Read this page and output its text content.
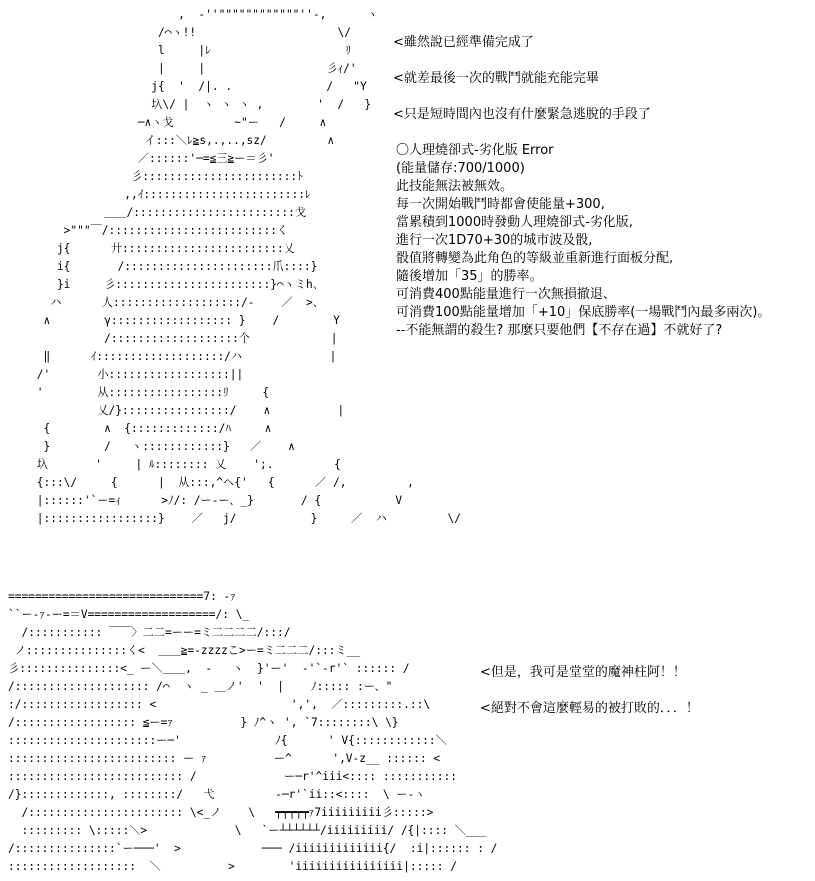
,  -''""""""""""""''-,      ヽ
/⌒ヽ!!                     \/
l     |ﾚ                    ﾘ
|     |                  彡ｨ/'
j{  '  /|. .              /   "Y
圦\/ |  ヽ ヽ ヽ ,        '  /   }
─∧ヽ戈         ~"ー   /     ∧
イ:::＼ﾚ≧s,.,..,sz/         ∧
／::::::'─=≦三≧ー＝彡'
彡:::::::::::::::::::::::ﾄ
,,ｲ::::::::::::::::::::::::ﾚ
＿＿/::::::::::::::::::::::::戈
>"""￣/:::::::::::::::::::::::::く
j{      廾::::::::::::::::::::::::乂
i{       /::::::::::::::::::::::爪::::}
}i     彡:::::::::::::::::::::::}⌒ヽミh、
ハ      人:::::::::::::::::::/-    ／  >、
∧        γ:::::::::::::::::: }    /        Y
/:::::::::::::::::::个            |
‖      ｲ:::::::::::::::::::/ハ             |
/'       小::::::::::::::::::||
'        从:::::::::::::::::ﾘ     {
乂/}::::::::::::::::/    ∧          |
{        ∧  {:::::::::::::/ﾊ     ∧
}        /   ヽ::::::::::::}   ／    ∧
圦       '     | ﾙ:::::::: 乂    ';.         {
{:::\/     {      |  从:::,^ヘ{'   {      ／ /,         ,
|::::::'`ー=ｨ      >ﾉ/: /ー-ー、_}       / {           V
|:::::::::::::::::}    ／   j/           }     ／  ハ         \/
<雖然說已經準備完成了
<就差最後一次的戰鬥就能充能完畢
<只是短時間內也沒有什麼緊急逃脫的手段了
〇人理燒卻式-劣化版 Error
(能量儲存:700/1000)
此技能無法被無效。
每一次開始戰鬥時都會使能量+300,
當累積到1000時發動人理燒卻式-劣化版,
進行一次1D70+30的城市波及骰,
骰值將轉變為此角色的等級並重新進行面板分配,
隨後增加「35」的勝率。
可消費400點能量進行一次無損撤退、
可消費100點能量增加「+10」保底勝率(一場戰鬥內最多兩次)。
--不能無謂的殺生? 那麼只要他們【不存在過】不就好了?
=============================7: -ｧ
``ー-ｧ-ー=＝V===================/: \_
/::::::::::: ￣￣〉二二=ーー=ミ二二二二/:::/
ノ:::::::::::::::く<  ＿＿≧=-zzzzこ>ー=ミ二二二/:::ミ__
彡:::::::::::::::<_ ー＼＿＿,  -   ヽ  }'ー'  -'`-r'` :::::: /
/:::::::::::::::::::: /⌒  ヽ _ ＿ノ'  '  |    ﾉ::::: :ー、"
:/:::::::::::::::::: <                    ',',  ／:::::::::.::\
/:::::::::::::::::: ≦ー=ｧ          } ﾉ^ヽ ', `7::::::::\ \}
::::::::::::::::::::::ー─'              ﾉ{      ' V{::::::::::::＼
::::::::::::::::::::::::: ー ｧ          ー^      ',V-z__ :::::: <
:::::::::::::::::::::::::: /             ー─r'^iii<:::: :::::::::::
/}:::::::::::::, ::::::::/   弋         ‐─r'`ii::<::::  \ ー-ヽ
/::::::::::::::::::::::: \<_ノ    \   ┯┯┯┯┯ｧ7iiiiiiiii彡:::::>
::::::::: \:::::＼>             \   `ー┴┴┴┴┴┴/iiiiiiiii/ /{|:::: ＼___
/:::::::::::::::`ー───'  >            ─── /iiiiiiiiiiiii{/  :i|:::::: : /
:::::::::::::::::::  ＼          >        'iiiiiiiiiiiiiiii|::::: /
<但是，我可是堂堂的魔神柱阿！！
<絕對不會這麼輕易的被打敗的．．．！
